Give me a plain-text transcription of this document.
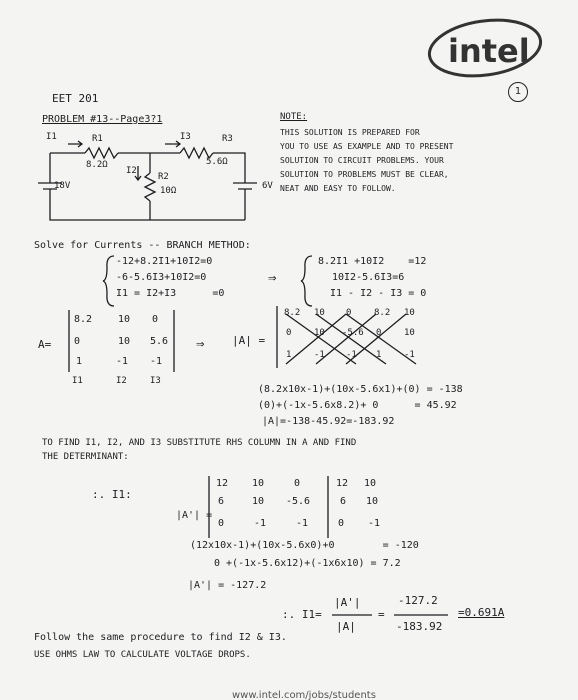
intel
1
EET 201
PROBLEM #13--Page3?1
I1	R1
8.2Ω
I3	R3
5.6Ω
I2
R2
10Ω
18V	6V
NOTE:
THIS SOLUTION IS PREPARED FOR
YOU TO USE AS EXAMPLE AND TO PRESENT
SOLUTION TO CIRCUIT PROBLEMS. YOUR
SOLUTION TO PROBLEMS MUST BE CLEAR,
NEAT AND EASY TO FOLLOW.
Solve for Currents -- BRANCH METHOD:
-12+8.2I1+10I2=0
-6-5.6I3+10I2=0
I1 = I2+I3      =0
⇒
8.2I1 +10I2    =12
10I2-5.6I3=6
I1 - I2 - I3 = 0
A=
8.2	10 0
0	10 5.6
1	-1 -1
I1	I2	I3
⇒	|A| =
8.2 10 0	8.2 10
0	10 -5.6 0	10
1	-1 -1 1	-1
(8.2x10x-1)+(10x-5.6x1)+(0) = -138
(0)+(-1x-5.6x8.2)+ 0      = 45.92
|A|=-138-45.92=-183.92
TO FIND I1, I2, AND I3 SUBSTITUTE RHS COLUMN IN A AND FIND
THE DETERMINANT:
:. I1:
|A'| =
12 10	0	12 10
6	10 -5.6	6 10
0	-1	-1	0 -1
(12x10x-1)+(10x-5.6x0)+0        = -120
0 +(-1x-5.6x12)+(-1x6x10) = 7.2
|A'| = -127.2
:. I1=
|A'|
|A|
=
-127.2
-183.92
=0.691A
Follow the same procedure to find I2 & I3.
USE OHMS LAW TO CALCULATE VOLTAGE DROPS.
www.intel.com/jobs/students
